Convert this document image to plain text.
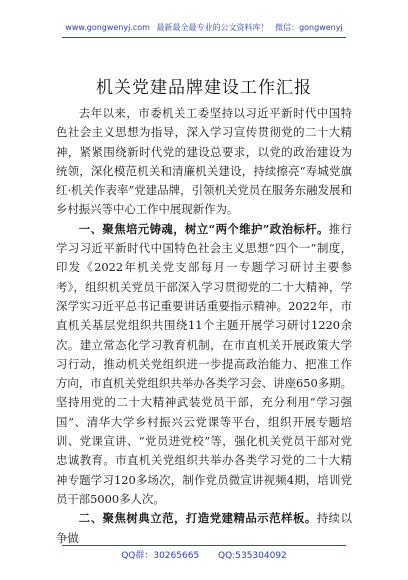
www.gongwenyj.com 最新最全最专业的公文资料库！ 微信：gongwenyj
机关党建品牌建设工作汇报

去年以来，市委机关工委坚持以习近平新时代中国特色社会主义思想为指导，深入学习宣传贯彻党的二十大精神，紧紧围绕新时代党的建设总要求，以党的政治建设为统领，深化模范机关和清廉机关建设，持续擦亮“寿城党旗红·机关作表率”党建品牌，引领机关党员在服务东融发展和乡村振兴等中心工作中展现新作为。

一、聚焦培元铸魂，树立“两个维护”政治标杆。推行学习习近平新时代中国特色社会主义思想“四个一”制度，印发《2022年机关党支部每月一专题学习研讨主要参考》，组织机关党员干部深入学习贯彻党的二十大精神，学深学实习近平总书记重要讲话重要指示精神。2022年，市直机关基层党组织共围绕11个主题开展学习研讨1220余次。建立常态化学习教育机制，在市直机关开展政策大学习行动，推动机关党组织进一步提高政治能力、把准工作方向，市直机关党组织共举办各类学习会、讲座650多期。坚持用党的二十大精神武装党员干部，充分利用“学习强国”、清华大学乡村振兴云党课等平台，组织开展专题培训、党课宣讲、“党员进党校”等，强化机关党员干部对党忠诚教育。市直机关党组织共举办各类学习党的二十大精神专题学习120多场次，制作党员微宣讲视频4期，培训党员干部5000多人次。

二、聚焦树典立范，打造党建精品示范样板。持续以争做

QQ群：30265665 QQ:535304092
